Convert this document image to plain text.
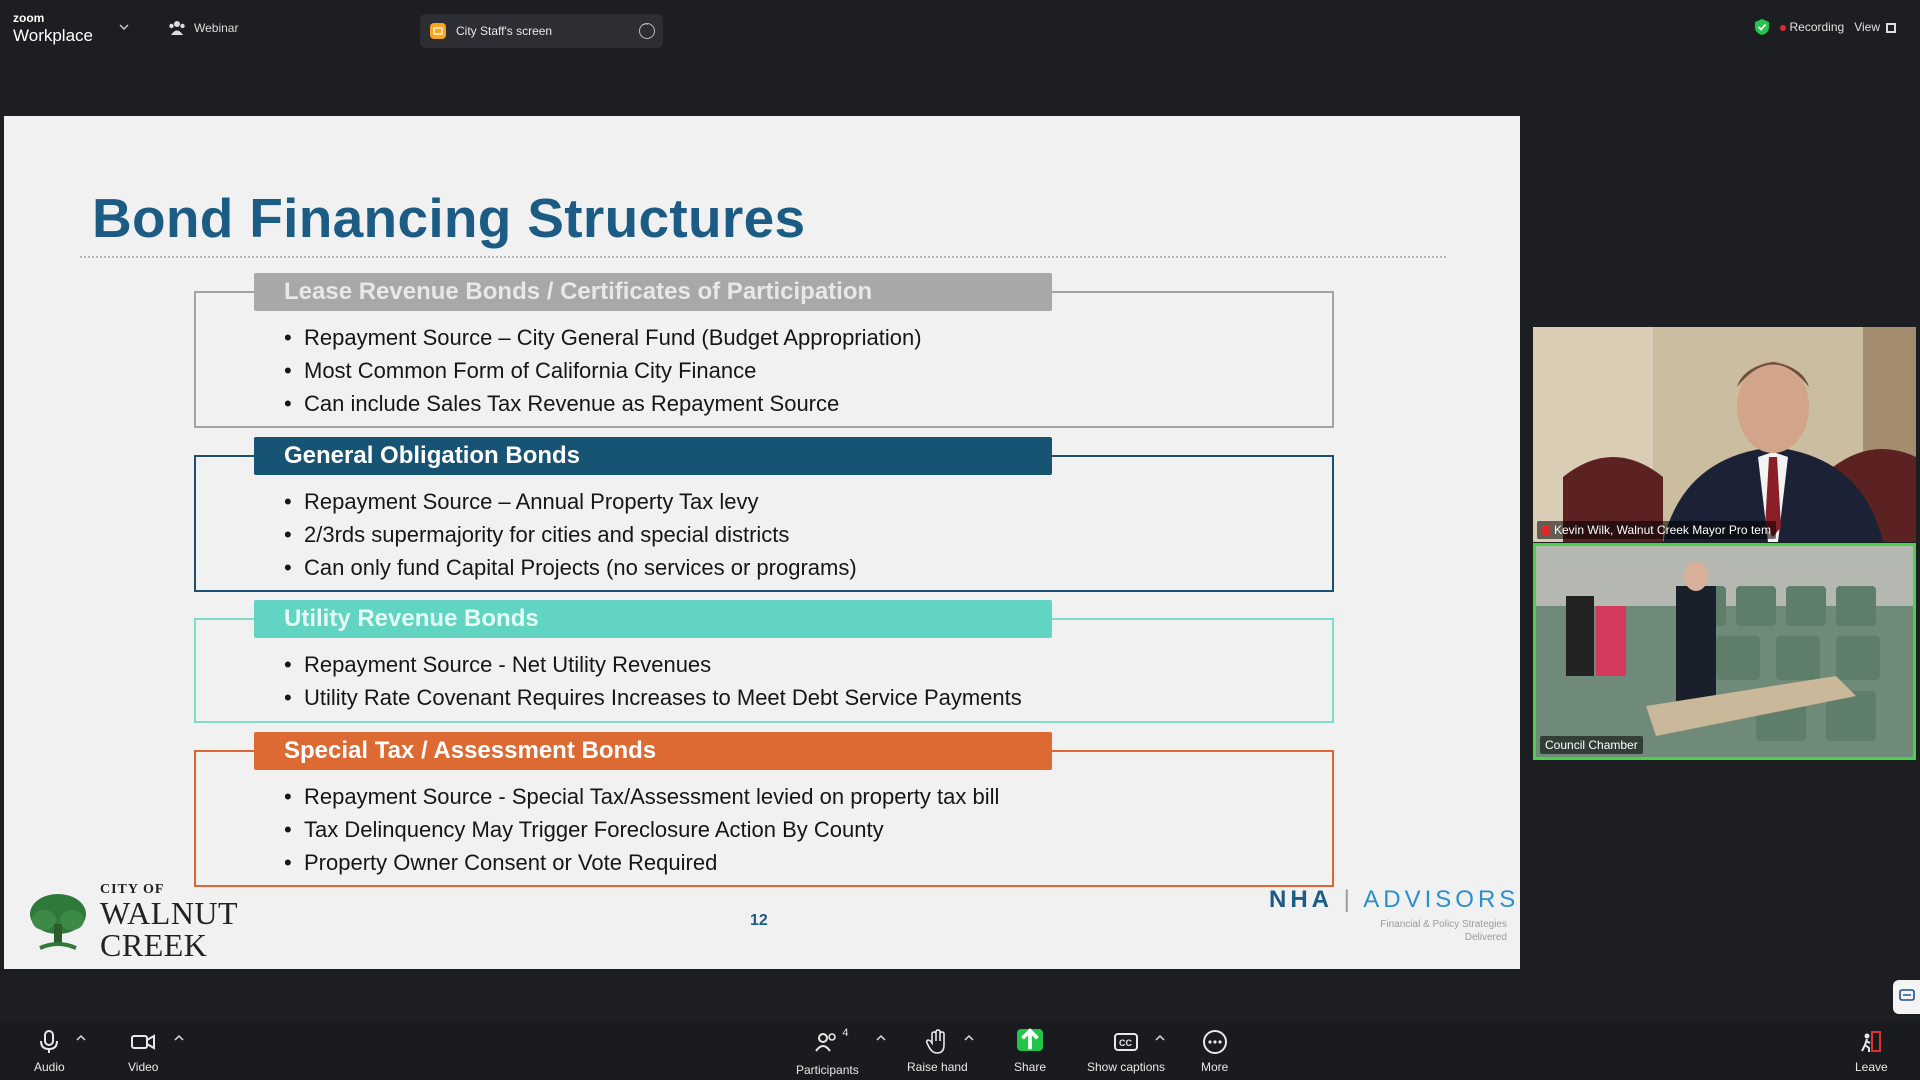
zoom
Workplace	Webinar	City Staff's screen
···	Recording View
Bond Financing Structures
Lease Revenue Bonds / Certificates of Participation
• Repayment Source – City General Fund (Budget Appropriation)
• Most Common Form of California City Finance
• Can include Sales Tax Revenue as Repayment Source
General Obligation Bonds
• Repayment Source – Annual Property Tax levy
• 2/3rds supermajority for cities and special districts
• Can only fund Capital Projects (no services or programs)
Utility Revenue Bonds
• Repayment Source - Net Utility Revenues
• Utility Rate Covenant Requires Increases to Meet Debt Service Payments
Special Tax / Assessment Bonds
• Repayment Source - Special Tax/Assessment levied on property tax bill
• Tax Delinquency May Trigger Foreclosure Action By County
• Property Owner Consent or Vote Required
CITY OF
WALNUT
CREEK
12
NHA | ADVISORS
Financial & Policy Strategies Delivered
Kevin Wilk, Walnut Creek Mayor Pro tem
Council Chamber
Audio	Video
4
Participants	Raise hand	Share
CC
Show captions	More	Leave
